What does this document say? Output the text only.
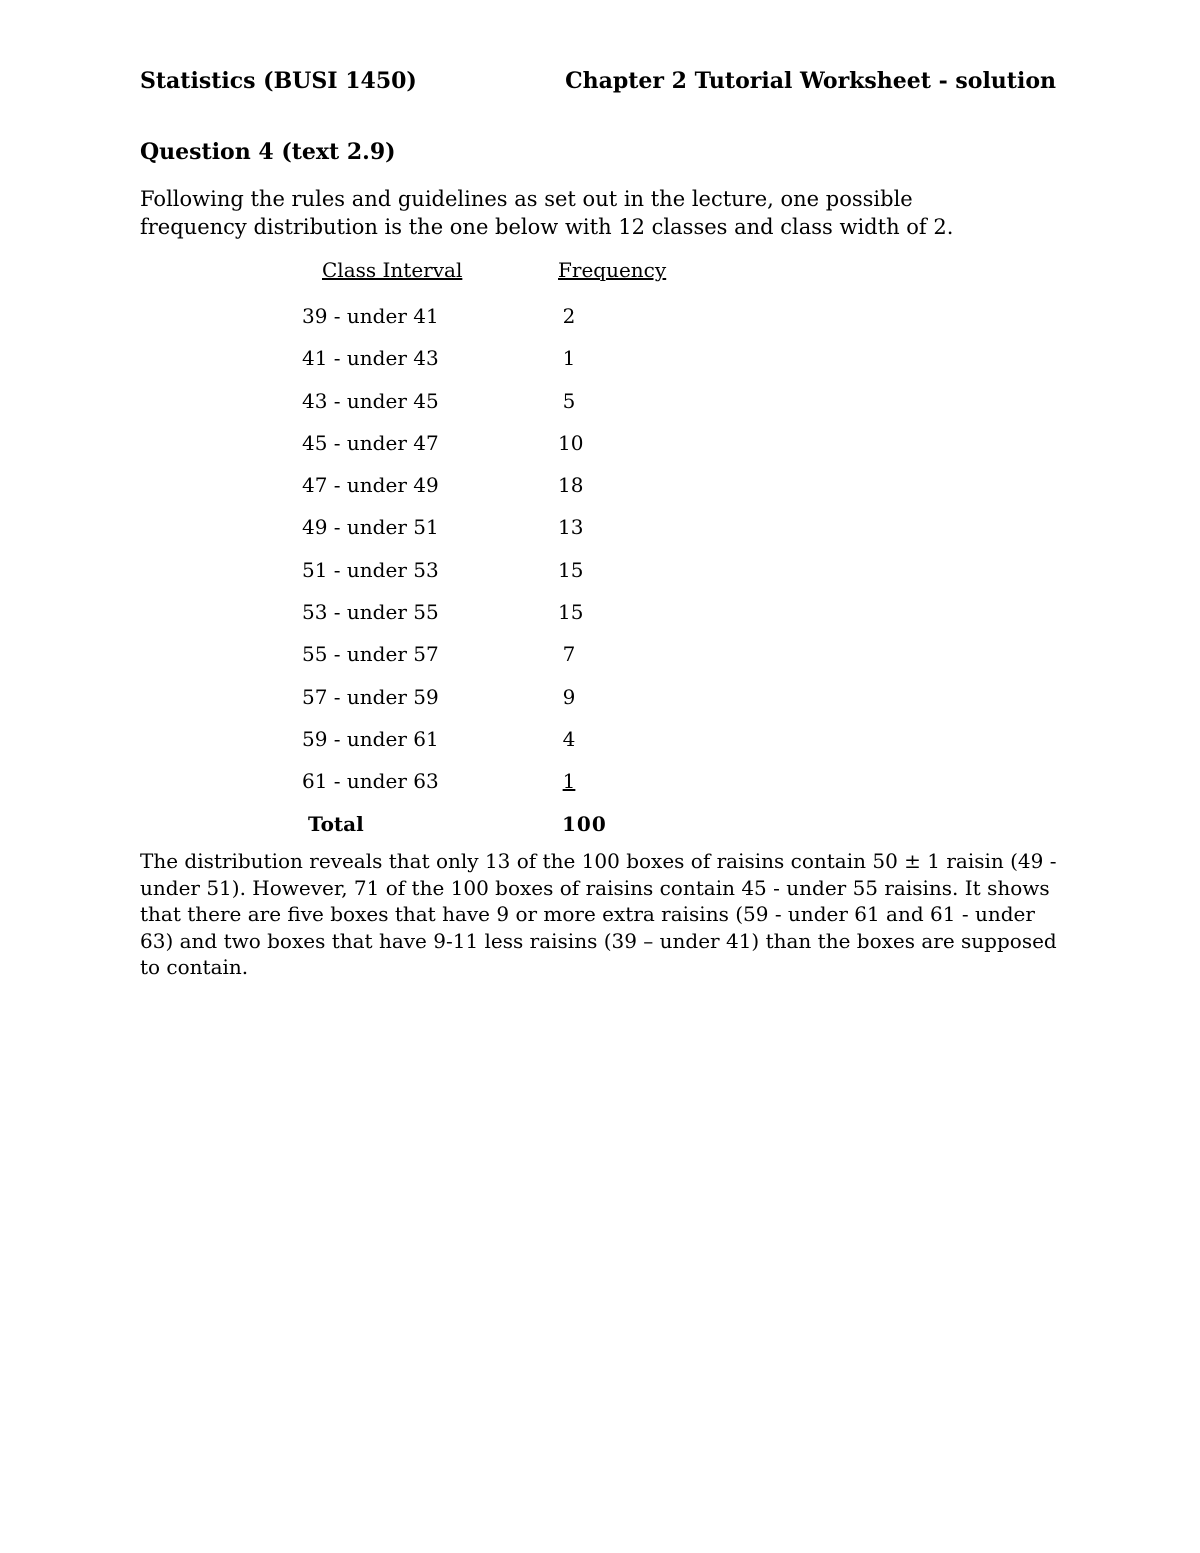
Statistics (BUSI 1450)	Chapter 2 Tutorial Worksheet - solution
Question 4 (text 2.9)
Following the rules and guidelines as set out in the lecture, one possible frequency distribution is the one below with 12 classes and class width of 2.
Class Interval	Frequency
39 - under 41	2
41 - under 43	1
43 - under 45	5
45 - under 47	10
47 - under 49	18
49 - under 51	13
51 - under 53	15
53 - under 55	15
55 - under 57	7
57 - under 59	9
59 - under 61	4
61 - under 63	1
Total	100
The distribution reveals that only 13 of the 100 boxes of raisins contain 50 ± 1 raisin (49 - under 51). However, 71 of the 100 boxes of raisins contain 45 - under 55 raisins. It shows that there are five boxes that have 9 or more extra raisins (59 - under 61 and 61 - under 63) and two boxes that have 9-11 less raisins (39 – under 41) than the boxes are supposed to contain.
